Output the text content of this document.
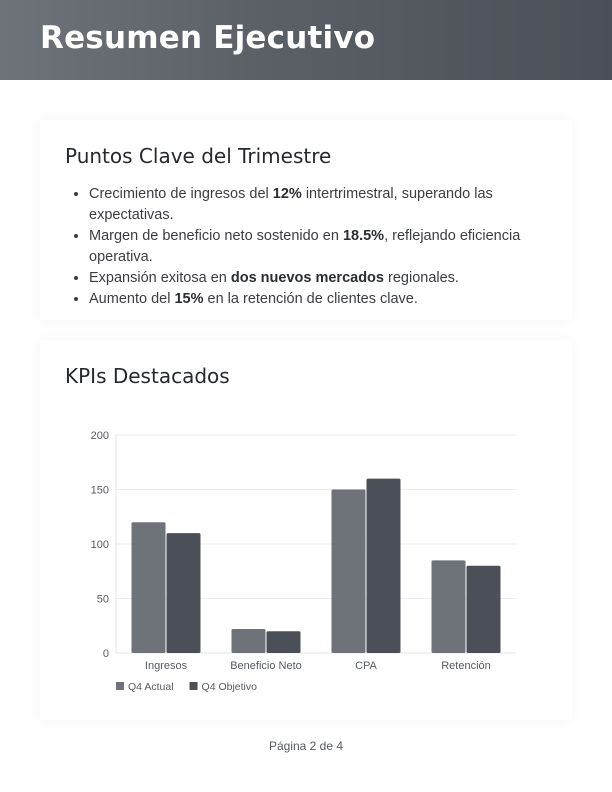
Resumen Ejecutivo
Puntos Clave del Trimestre
• Crecimiento de ingresos del 12% intertrimestral, superando las expectativas.
• Margen de beneficio neto sostenido en 18.5%, reflejando eficiencia operativa.
• Expansión exitosa en dos nuevos mercados regionales.
• Aumento del 15% en la retención de clientes clave.
KPIs Destacados
0
50
100
150
200
Ingresos	Beneficio Neto	CPA	Retención
Q4 Actual	Q4 Objetivo
Página 2 de 4
